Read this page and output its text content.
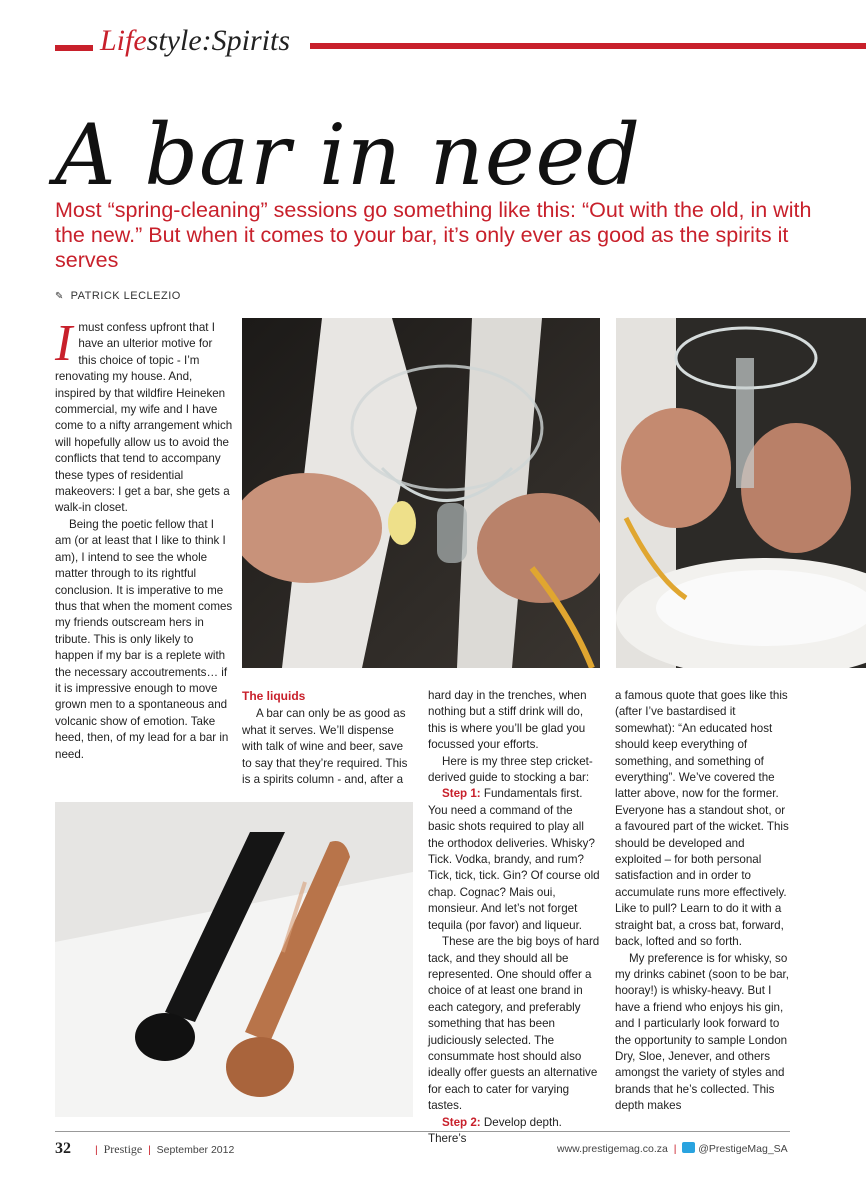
Lifestyle:Spirits
A bar in need
Most “spring-cleaning” sessions go something like this: “Out with the old, in with the new.” But when it comes to your bar, it’s only ever as good as the spirits it serves
✎ PATRICK LECLEZIO

Imust confess upfront that I have an ulterior motive for this choice of topic - I’m renovating my house. And, inspired by that wildfire Heineken commercial, my wife and I have come to a nifty arrangement which will hopefully allow us to avoid the conflicts that tend to accompany these types of residential makeovers: I get a bar, she gets a walk-in closet.

Being the poetic fellow that I am (or at least that I like to think I am), I intend to see the whole matter through to its rightful conclusion. It is imperative to me thus that when the moment comes my friends outscream hers in tribute. This is only likely to happen if my bar is a replete with the necessary accoutrements… if it is impressive enough to move grown men to a spontaneous and volcanic show of emotion. Take heed, then, of my lead for a bar in need.

The liquids

A bar can only be as good as what it serves. We’ll dispense with talk of wine and beer, save to say that they’re required. This is a spirits column - and, after a

hard day in the trenches, when nothing but a stiff drink will do, this is where you’ll be glad you focussed your efforts.

Here is my three step cricket-derived guide to stocking a bar:

Step 1: Fundamentals first. You need a command of the basic shots required to play all the orthodox deliveries. Whisky? Tick. Vodka, brandy, and rum? Tick, tick, tick. Gin? Of course old chap. Cognac? Mais oui, monsieur. And let’s not forget tequila (por favor) and liqueur.

These are the big boys of hard tack, and they should all be represented. One should offer a choice of at least one brand in each category, and preferably something that has been judiciously selected. The consummate host should also ideally offer guests an alternative for each to cater for varying tastes.

Step 2: Develop depth. There’s

a famous quote that goes like this (after I’ve bastardised it somewhat): “An educated host should keep everything of something, and something of everything”. We’ve covered the latter above, now for the former. Everyone has a standout shot, or a favoured part of the wicket. This should be developed and exploited – for both personal satisfaction and in order to accumulate runs more effectively. Like to pull? Learn to do it with a straight bat, a cross bat, forward, back, lofted and so forth.

My preference is for whisky, so my drinks cabinet (soon to be bar, hooray!) is whisky-heavy. But I have a friend who enjoys his gin, and I particularly look forward to the opportunity to sample London Dry, Sloe, Jenever, and others amongst the variety of styles and brands that he’s collected. This depth makes

32 | Prestige | September 2012	www.prestigemag.co.za | @PrestigeMag_SA
